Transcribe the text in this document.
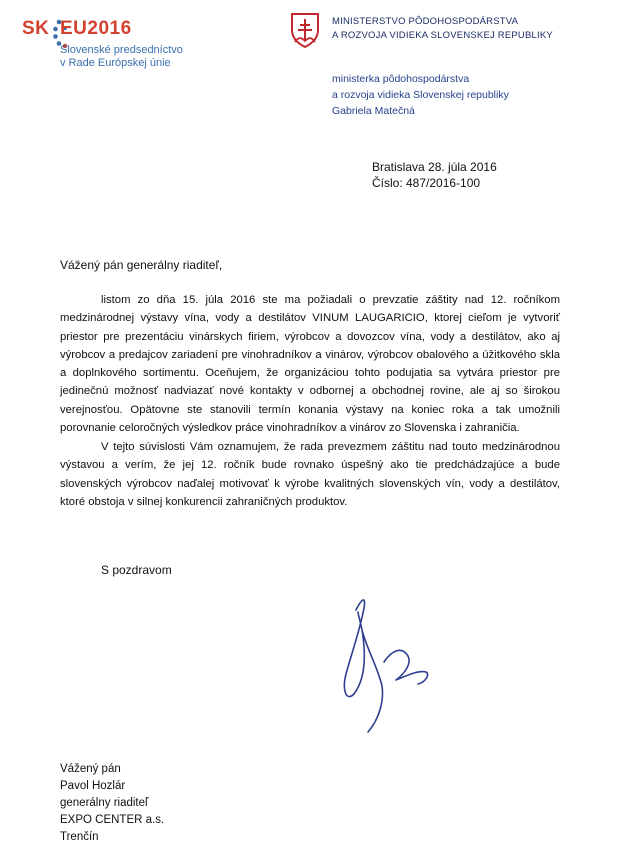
SK EU2016
Slovenské predsedníctvo
v Rade Európskej únie
MINISTERSTVO PÔDOHOSPODÁRSTVA
A ROZVOJA VIDIEKA SLOVENSKEJ REPUBLIKY
ministerka pôdohospodárstva
a rozvoja vidieka Slovenskej republiky
Gabriela Matečná
Bratislava 28. júla 2016
Číslo: 487/2016-100
Vážený pán generálny riaditeľ,

listom zo dňa 15. júla 2016 ste ma požiadali o prevzatie záštity nad 12. ročníkom medzinárodnej výstavy vína, vody a destilátov VINUM LAUGARICIO, ktorej cieľom je vytvoriť priestor pre prezentáciu vinárskych firiem, výrobcov a dovozcov vína, vody a destilátov, ako aj výrobcov a predajcov zariadení pre vinohradníkov a vinárov, výrobcov obalového a úžitkového skla a doplnkového sortimentu. Oceňujem, že organizáciou tohto podujatia sa vytvára priestor pre jedinečnú možnosť nadviazať nové kontakty v odbornej a obchodnej rovine, ale aj so širokou verejnosťou. Opätovne ste stanovili termín konania výstavy na koniec roka a tak umožnili porovnanie celoročných výsledkov práce vinohradníkov a vinárov zo Slovenska i zahraničia.

V tejto súvislosti Vám oznamujem, že rada prevezmem záštitu nad touto medzinárodnou výstavou a verím, že jej 12. ročník bude rovnako úspešný ako tie predchádzajúce a bude slovenských výrobcov naďalej motivovať k výrobe kvalitných slovenských vín, vody a destilátov, ktoré obstoja v silnej konkurencii zahraničných produktov.

S pozdravom
Vážený pán
Pavol Hozlár
generálny riaditeľ
EXPO CENTER a.s.
Trenčín
